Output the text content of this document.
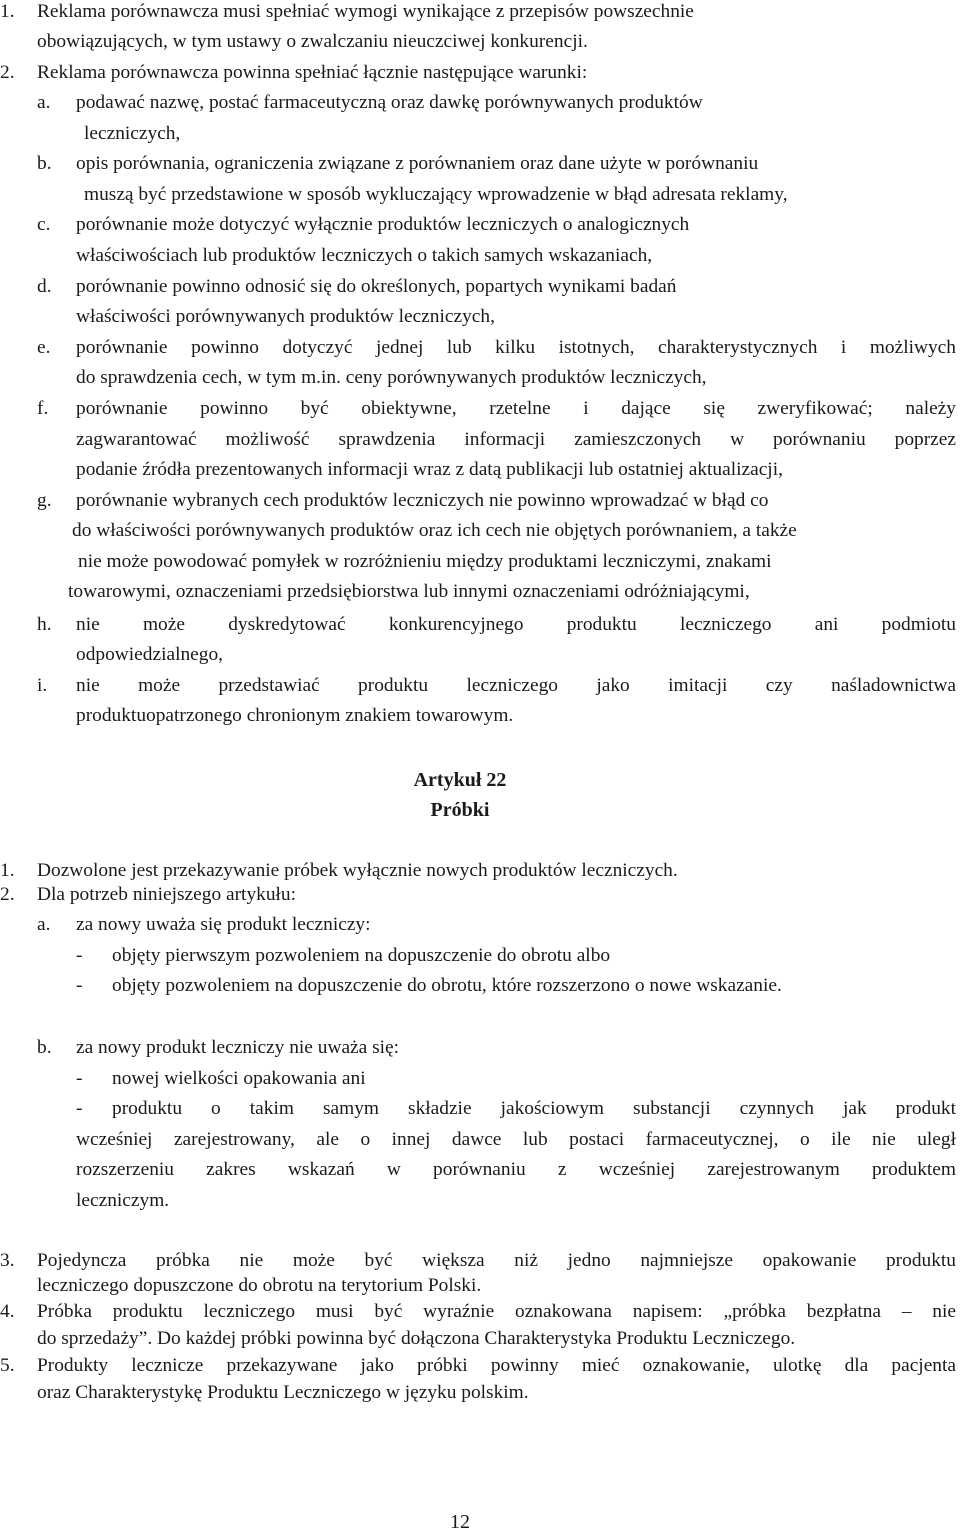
1. Reklama porównawcza musi spełniać wymogi wynikające z przepisów powszechnie
obowiązujących, w tym ustawy o zwalczaniu nieuczciwej konkurencji.
2. Reklama porównawcza powinna spełniać łącznie następujące warunki:
a. podawać nazwę, postać farmaceutyczną oraz dawkę porównywanych produktów
leczniczych,
b. opis porównania, ograniczenia związane z porównaniem oraz dane użyte w porównaniu
muszą być przedstawione w sposób wykluczający wprowadzenie w błąd adresata reklamy,
c. porównanie może dotyczyć wyłącznie produktów leczniczych o analogicznych
właściwościach lub produktów leczniczych o takich samych wskazaniach,
d. porównanie powinno odnosić się do określonych, popartych wynikami badań
właściwości porównywanych produktów leczniczych,
e. porównanie powinno dotyczyć jednej lub kilku istotnych, charakterystycznych i możliwych
do sprawdzenia cech, w tym m.in. ceny porównywanych produktów leczniczych,
f. porównanie powinno być obiektywne, rzetelne i dające się zweryfikować; należy
zagwarantować możliwość sprawdzenia informacji zamieszczonych w porównaniu poprzez
podanie źródła prezentowanych informacji wraz z datą publikacji lub ostatniej aktualizacji,
g. porównanie wybranych cech produktów leczniczych nie powinno wprowadzać w błąd co
do właściwości porównywanych produktów oraz ich cech nie objętych porównaniem, a także
nie może powodować pomyłek w rozróżnieniu między produktami leczniczymi, znakami
towarowymi, oznaczeniami przedsiębiorstwa lub innymi oznaczeniami odróżniającymi,
h. nie może dyskredytować konkurencyjnego produktu leczniczego ani podmiotu
odpowiedzialnego,
i. nie może przedstawiać produktu leczniczego jako imitacji czy naśladownictwa
produktuopatrzonego chronionym znakiem towarowym.
Artykuł 22
Próbki
1. Dozwolone jest przekazywanie próbek wyłącznie nowych produktów leczniczych.
2. Dla potrzeb niniejszego artykułu:
a. za nowy uważa się produkt leczniczy:
- objęty pierwszym pozwoleniem na dopuszczenie do obrotu albo
- objęty pozwoleniem na dopuszczenie do obrotu, które rozszerzono o nowe wskazanie.
b. za nowy produkt leczniczy nie uważa się:
- nowej wielkości opakowania ani
- produktu o takim samym składzie jakościowym substancji czynnych jak produkt
wcześniej zarejestrowany, ale o innej dawce lub postaci farmaceutycznej, o ile nie uległ
rozszerzeniu zakres wskazań w porównaniu z wcześniej zarejestrowanym produktem
leczniczym.
3. Pojedyncza próbka nie może być większa niż jedno najmniejsze opakowanie produktu
leczniczego dopuszczone do obrotu na terytorium Polski.
4. Próbka produktu leczniczego musi być wyraźnie oznakowana napisem: „próbka bezpłatna – nie
do sprzedaży”. Do każdej próbki powinna być dołączona Charakterystyka Produktu Leczniczego.
5. Produkty lecznicze przekazywane jako próbki powinny mieć oznakowanie, ulotkę dla pacjenta
oraz Charakterystykę Produktu Leczniczego w języku polskim.
12
